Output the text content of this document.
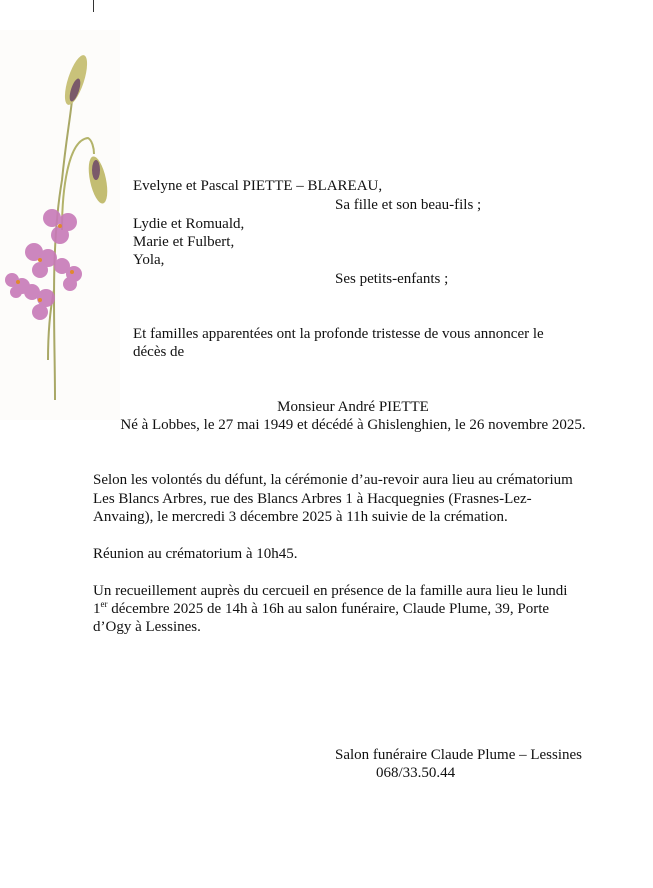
Evelyne et Pascal PIETTE – BLAREAU,
Sa fille et son beau-fils ;
Lydie et Romuald,
Marie et Fulbert,
Yola,
Ses petits-enfants ;
Et familles apparentées ont la profonde tristesse de vous annoncer le
décès de
Monsieur André PIETTE
Né à Lobbes, le 27 mai 1949 et décédé à Ghislenghien, le 26 novembre 2025.
Selon les volontés du défunt, la cérémonie d’au-revoir aura lieu au crématorium
Les Blancs Arbres, rue des Blancs Arbres 1 à Hacquegnies (Frasnes-Lez-
Anvaing), le mercredi 3 décembre 2025 à 11h suivie de la crémation.
Réunion au crématorium à 10h45.
Un recueillement auprès du cercueil en présence de la famille aura lieu le lundi
1er décembre 2025 de 14h à 16h au salon funéraire, Claude Plume, 39, Porte
d’Ogy à Lessines.
Salon funéraire Claude Plume – Lessines
068/33.50.44
